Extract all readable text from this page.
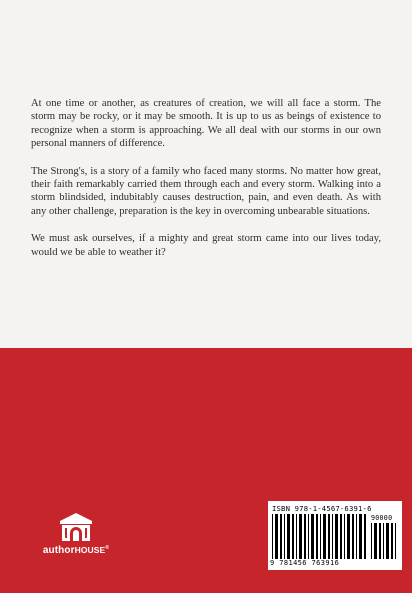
At one time or another, as creatures of creation, we will all face a storm. The storm may be rocky, or it may be smooth. It is up to us as beings of existence to recognize when a storm is approaching. We all deal with our storms in our own personal manners of difference.

The Strong's, is a story of a family who faced many storms. No matter how great, their faith remarkably carried them through each and every storm. Walking into a storm blindsided, indubitably causes destruction, pain, and even death. As with any other challenge, preparation is the key in overcoming unbearable situations.

We must ask ourselves, if a mighty and great storm came into our lives today, would we be able to weather it?

authorHOUSE®
ISBN 978-1-4567-6391-6
90000
9 781456 763916
